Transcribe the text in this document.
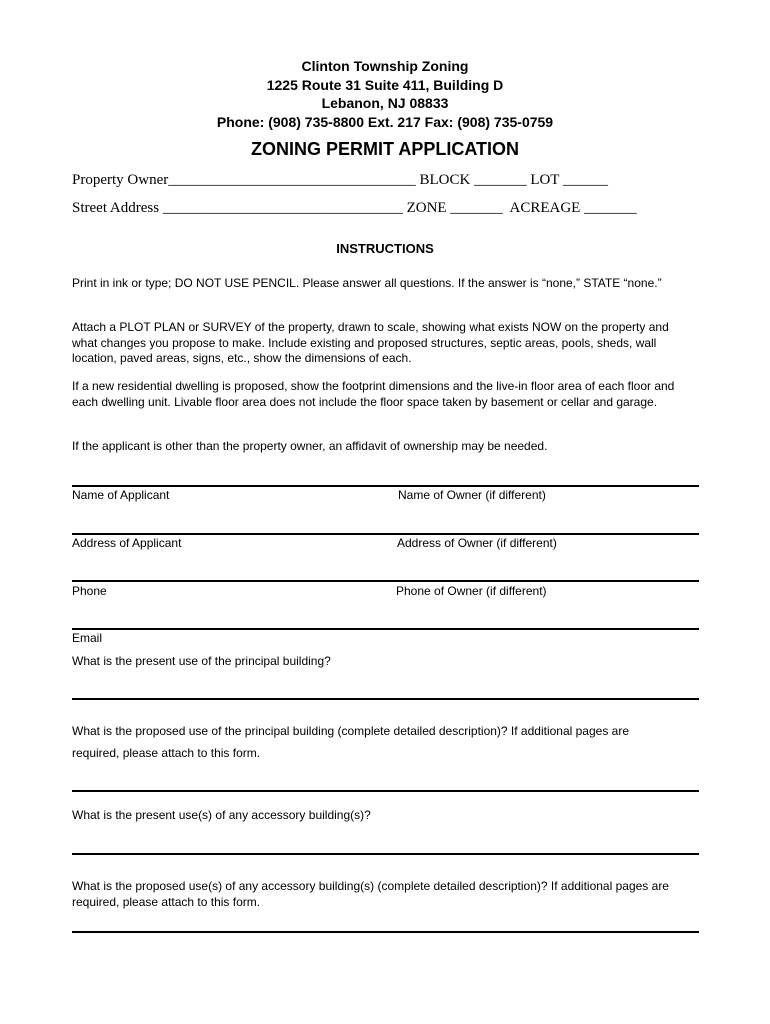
Clinton Township Zoning
1225 Route 31 Suite 411, Building D
Lebanon, NJ 08833
Phone: (908) 735-8800 Ext. 217 Fax: (908) 735-0759
ZONING PERMIT APPLICATION
Property Owner_________________________________ BLOCK _______ LOT ______
Street Address ________________________________ ZONE _______  ACREAGE _______
INSTRUCTIONS
Print in ink or type; DO NOT USE PENCIL. Please answer all questions. If the answer is “none,” STATE “none.”
Attach a PLOT PLAN or SURVEY of the property, drawn to scale, showing what exists NOW on the property and what changes you propose to make. Include existing and proposed structures, septic areas, pools, sheds, wall location, paved areas, signs, etc., show the dimensions of each.
If a new residential dwelling is proposed, show the footprint dimensions and the live-in floor area of each floor and each dwelling unit. Livable floor area does not include the floor space taken by basement or cellar and garage.
If the applicant is other than the property owner, an affidavit of ownership may be needed.
Name of Applicant	Name of Owner (if different)
Address of Applicant	Address of Owner (if different)
Phone	Phone of Owner (if different)
Email
What is the present use of the principal building?
What is the proposed use of the principal building (complete detailed description)? If additional pages are
required, please attach to this form.
What is the present use(s) of any accessory building(s)?
What is the proposed use(s) of any accessory building(s) (complete detailed description)? If additional pages are required, please attach to this form.
